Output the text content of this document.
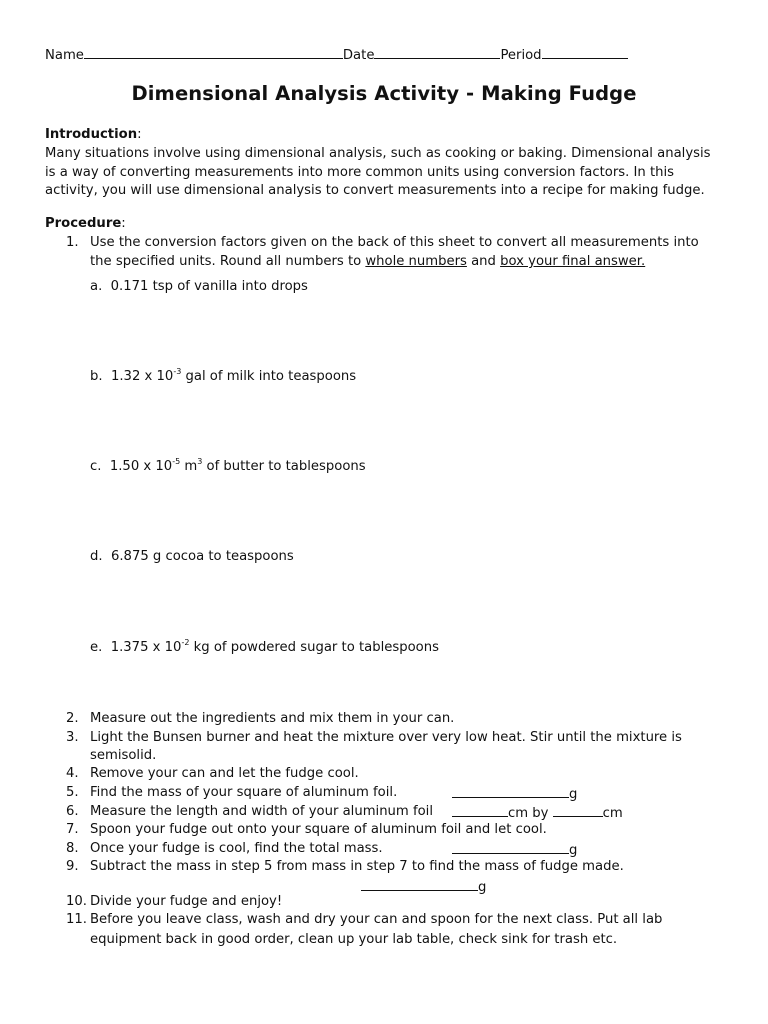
Name	Date	Period
Dimensional Analysis Activity - Making Fudge
Introduction:
Many situations involve using dimensional analysis, such as cooking or baking. Dimensional analysis
is a way of converting measurements into more common units using conversion factors. In this
activity, you will use dimensional analysis to convert measurements into a recipe for making fudge.
Procedure:
1. Use the conversion factors given on the back of this sheet to convert all measurements into
the specified units. Round all numbers to whole numbers and box your final answer.
a. 0.171 tsp of vanilla into drops
b. 1.32 x $10^{-3}$ gal of milk into teaspoons
c. 1.50 x $10^{-5}$ $m^3$ of butter to tablespoons
d. 6.875 g cocoa to teaspoons
e. 1.375 x $10^{-2}$ kg of powdered sugar to tablespoons
2. Measure out the ingredients and mix them in your can.
3. Light the Bunsen burner and heat the mixture over very low heat. Stir until the mixture is
semisolid.
4. Remove your can and let the fudge cool.
5. Find the mass of your square of aluminum foil.	g
6. Measure the length and width of your aluminum foil	cm by	cm
7. Spoon your fudge out onto your square of aluminum foil and let cool.
8. Once your fudge is cool, find the total mass.	g
9. Subtract the mass in step 5 from mass in step 7 to find the mass of fudge made.
g
10. Divide your fudge and enjoy!
11. Before you leave class, wash and dry your can and spoon for the next class. Put all lab
equipment back in good order, clean up your lab table, check sink for trash etc.
